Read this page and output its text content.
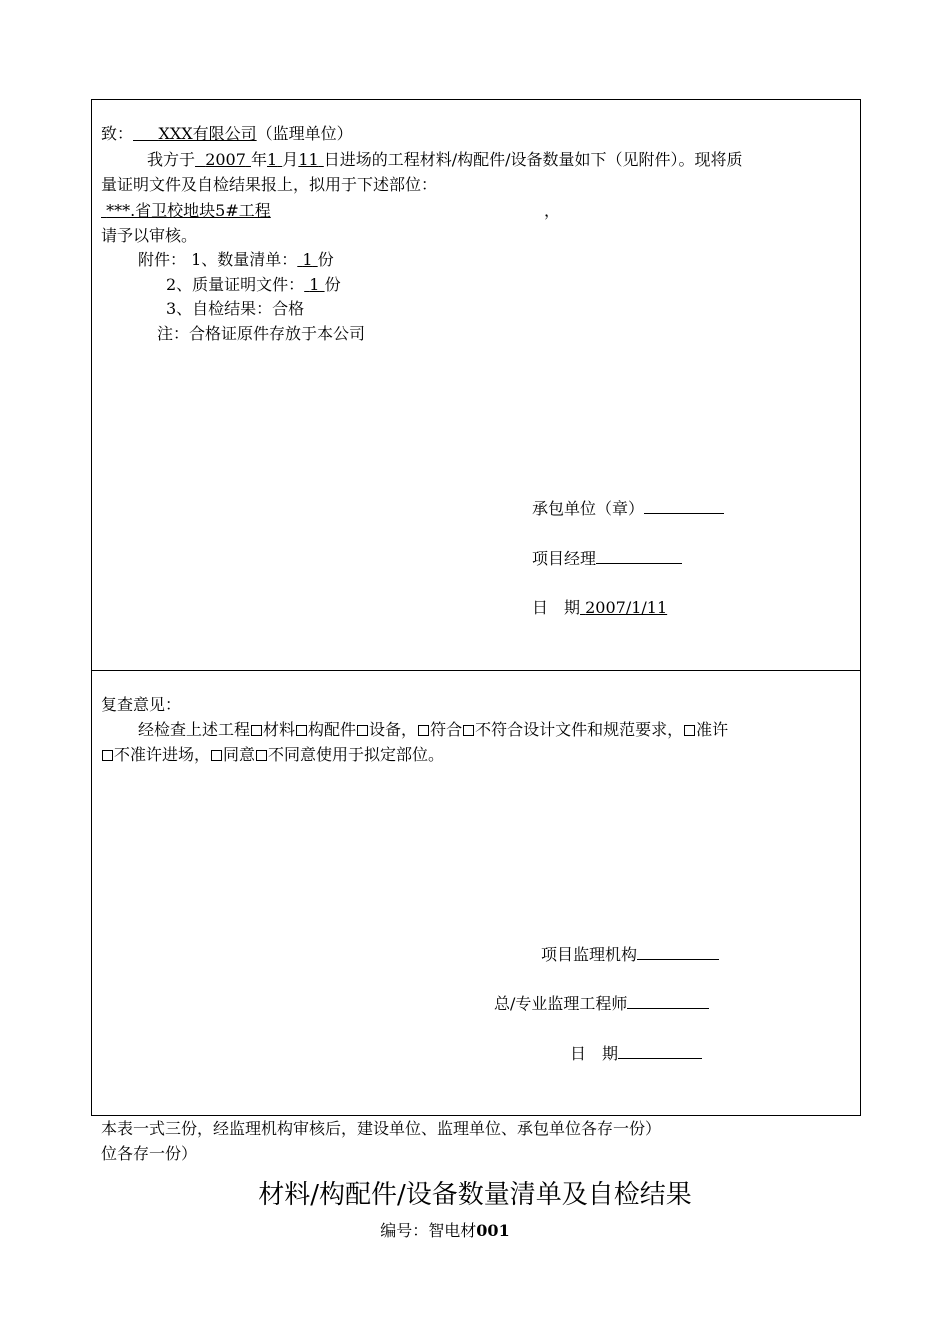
致： XXX有限公司（监理单位）
我方于 2007 年1 月11 日进场的工程材料/构配件/设备数量如下（见附件）。现将质
量证明文件及自检结果报上，拟用于下述部位：
***.省卫校地块5#工程	，
请予以审核。
附件： 1、数量清单： 1 份
2、质量证明文件： 1 份
3、自检结果：合格
注：合格证原件存放于本公司
承包单位（章）
项目经理
日　期 2007/1/11
复查意见：
经检查上述工程 材料 构配件 设备， 符合 不符合设计文件和规范要求， 准许
不准许进场， 同意 不同意使用于拟定部位。
项目监理机构
总/专业监理工程师
日　期
本表一式三份，经监理机构审核后，建设单位、监理单位、承包单位各存一份）
位各存一份）
材料/构配件/设备数量清单及自检结果
编号：智电材001
